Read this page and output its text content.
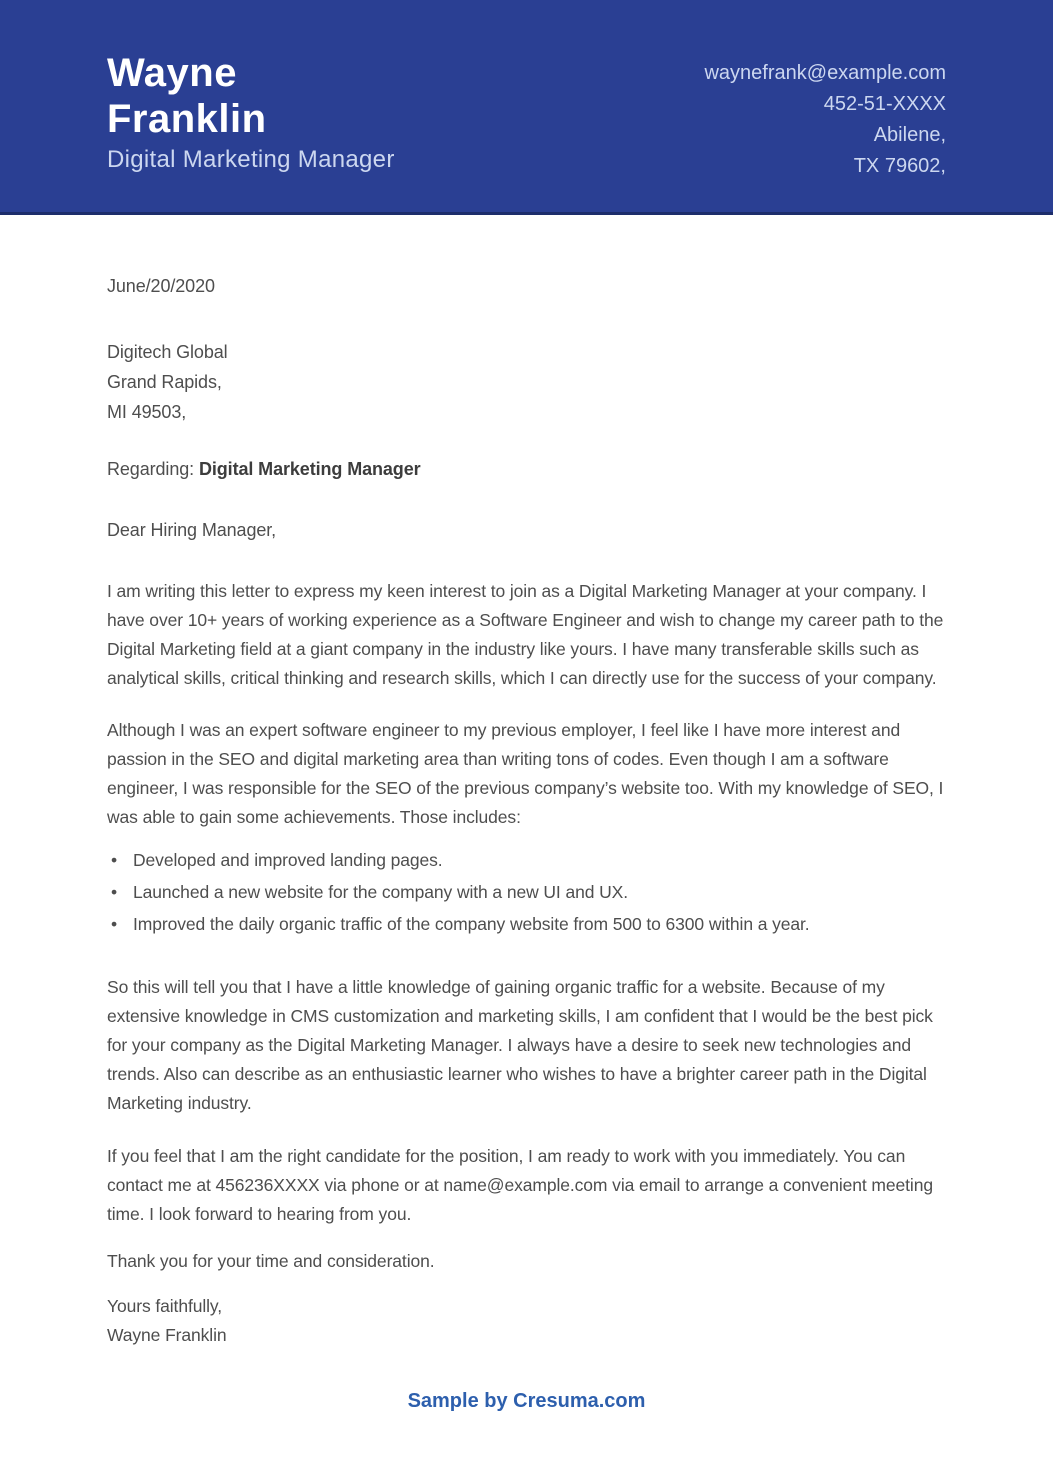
Wayne
Franklin
Digital Marketing Manager
waynefrank@example.com
452-51-XXXX
Abilene,
TX 79602,

June/20/2020

Digitech Global
Grand Rapids,
MI 49503,

Regarding: Digital Marketing Manager

Dear Hiring Manager,

I am writing this letter to express my keen interest to join as a Digital Marketing Manager at your company. I have over 10+ years of working experience as a Software Engineer and wish to change my career path to the Digital Marketing field at a giant company in the industry like yours. I have many transferable skills such as analytical skills, critical thinking and research skills, which I can directly use for the success of your company.

Although I was an expert software engineer to my previous employer, I feel like I have more interest and passion in the SEO and digital marketing area than writing tons of codes. Even though I am a software engineer, I was responsible for the SEO of the previous company’s website too. With my knowledge of SEO, I was able to gain some achievements. Those includes:

• Developed and improved landing pages.
• Launched a new website for the company with a new UI and UX.
• Improved the daily organic traffic of the company website from 500 to 6300 within a year.

So this will tell you that I have a little knowledge of gaining organic traffic for a website. Because of my extensive knowledge in CMS customization and marketing skills, I am confident that I would be the best pick for your company as the Digital Marketing Manager. I always have a desire to seek new technologies and trends. Also can describe as an enthusiastic learner who wishes to have a brighter career path in the Digital Marketing industry.

If you feel that I am the right candidate for the position, I am ready to work with you immediately. You can contact me at 456236XXXX via phone or at name@example.com via email to arrange a convenient meeting time. I look forward to hearing from you.

Thank you for your time and consideration.

Yours faithfully,

Wayne Franklin

Sample by Cresuma.com
